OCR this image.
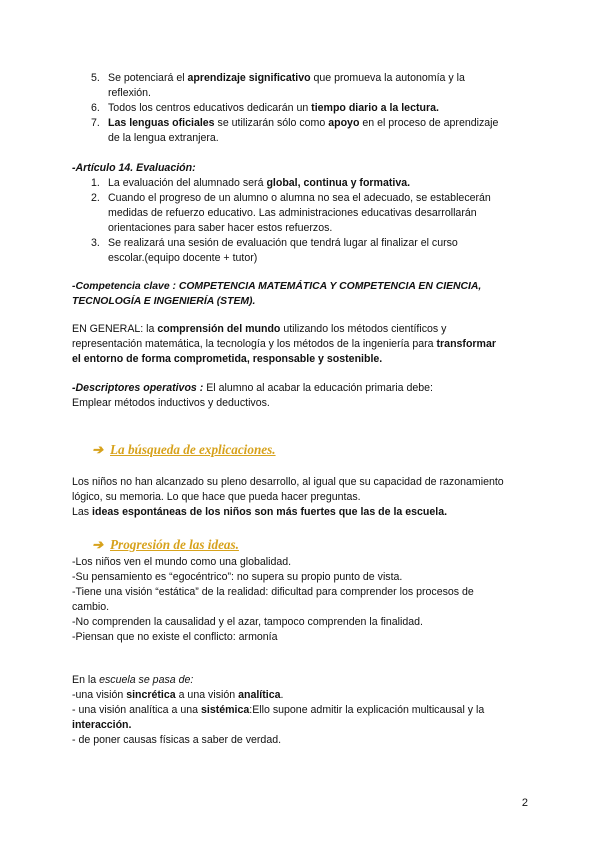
5. Se potenciará el aprendizaje significativo que promueva la autonomía y la
reflexión.
6. Todos los centros educativos dedicarán un tiempo diario a la lectura.
7. Las lenguas oficiales se utilizarán sólo como apoyo en el proceso de aprendizaje
de la lengua extranjera.
-Artículo 14. Evaluación:
1. La evaluación del alumnado será global, continua y formativa.
2. Cuando el progreso de un alumno o alumna no sea el adecuado, se establecerán
medidas de refuerzo educativo. Las administraciones educativas desarrollarán
orientaciones para saber hacer estos refuerzos.
3. Se realizará una sesión de evaluación que tendrá lugar al finalizar el curso
escolar.(equipo docente + tutor)
-Competencia clave : COMPETENCIA MATEMÁTICA Y COMPETENCIA EN CIENCIA,
TECNOLOGÍA E INGENIERÍA (STEM).
EN GENERAL: la comprensión del mundo utilizando los métodos científicos y
representación matemática, la tecnología y los métodos de la ingeniería para transformar
el entorno de forma comprometida, responsable y sostenible.
-Descriptores operativos : El alumno al acabar la educación primaria debe:
Emplear métodos inductivos y deductivos.
➔ La búsqueda de explicaciones.
Los niños no han alcanzado su pleno desarrollo, al igual que su capacidad de razonamiento
lógico, su memoria. Lo que hace que pueda hacer preguntas.
Las ideas espontáneas de los niños son más fuertes que las de la escuela.
➔ Progresión de las ideas.
-Los niños ven el mundo como una globalidad.
-Su pensamiento es “egocéntrico”: no supera su propio punto de vista.
-Tiene una visión “estática” de la realidad: dificultad para comprender los procesos de
cambio.
-No comprenden la causalidad y el azar, tampoco comprenden la finalidad.
-Piensan que no existe el conflicto: armonía
En la escuela se pasa de:
-una visión sincrética a una visión analítica.
- una visión analítica a una sistémica:Ello supone admitir la explicación multicausal y la
interacción.
- de poner causas físicas a saber de verdad.
2
